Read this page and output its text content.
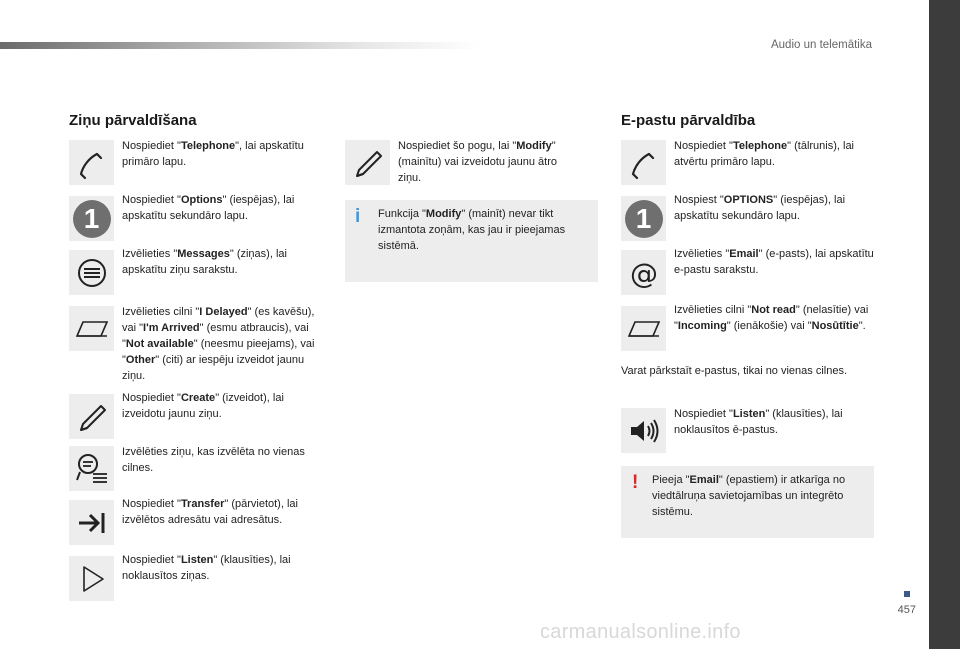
Audio un telemātika
Ziņu pārvaldīšana
Nospiediet "Telephone", lai apskatītu primāro lapu.
1
Nospiediet "Options" (iespējas), lai apskatītu sekundāro lapu.
Izvēlieties "Messages" (ziņas), lai apskatītu ziņu sarakstu.
Izvēlieties cilni "I Delayed" (es kavēšu), vai "I'm Arrived" (esmu atbraucis), vai "Not available" (neesmu pieejams), vai "Other" (citi) ar iespēju izveidot jaunu ziņu.
Nospiediet "Create" (izveidot), lai izveidotu jaunu ziņu.
Izvēlēties ziņu, kas izvēlēta no vienas cilnes.
Nospiediet "Transfer" (pārvietot), lai izvēlētos adresātu vai adresātus.
Nospiediet "Listen" (klausīties), lai noklausītos ziņas.
Nospiediet šo pogu, lai "Modify" (mainītu) vai izveidotu jaunu ātro ziņu.
i Funkcija "Modify" (mainīt) nevar tikt izmantota zoņām, kas jau ir pieejamas sistēmā.
E-pastu pārvaldība
Nospiediet "Telephone" (tālrunis), lai atvērtu primāro lapu.
1
Nospiest "OPTIONS" (iespējas), lai apskatītu sekundāro lapu.
@
Izvēlieties "Email" (e-pasts), lai apskatītu e-pastu sarakstu.
Izvēlieties cilni "Not read" (nelasītie) vai "Incoming" (ienākošie) vai "Nosūtītie".
Varat pārkstaīt e-pastus, tikai no vienas cilnes.
Nospiediet "Listen" (klausīties), lai noklausītos ē-pastus.
! Pieeja "Email" (epastiem) ir atkarīga no viedtālruņa savietojamības un integrēto sistēmu.
457
carmanualsonline.info
